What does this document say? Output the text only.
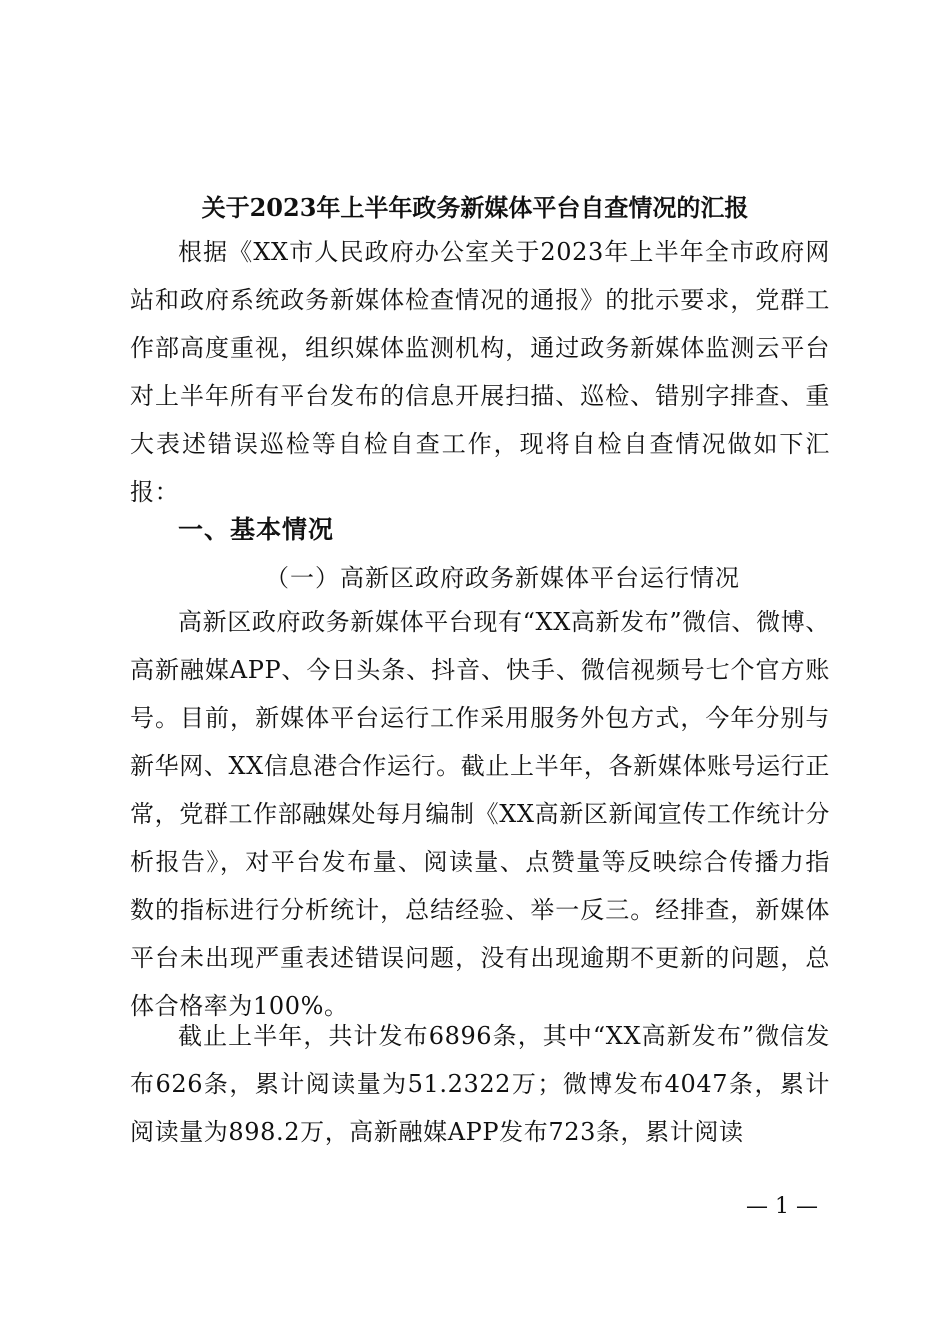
关于2023年上半年政务新媒体平台自查情况的汇报

根据《XX市人民政府办公室关于2023年上半年全市政府网站和政府系统政务新媒体检查情况的通报》的批示要求，党群工作部高度重视，组织媒体监测机构，通过政务新媒体监测云平台对上半年所有平台发布的信息开展扫描、巡检、错别字排查、重大表述错误巡检等自检自查工作，现将自检自查情况做如下汇报：

一、基本情况
（一）高新区政府政务新媒体平台运行情况

高新区政府政务新媒体平台现有“XX高新发布”微信、微博、高新融媒APP、今日头条、抖音、快手、微信视频号七个官方账号。目前，新媒体平台运行工作采用服务外包方式，今年分别与新华网、XX信息港合作运行。截止上半年，各新媒体账号运行正常，党群工作部融媒处每月编制《XX高新区新闻宣传工作统计分析报告》，对平台发布量、阅读量、点赞量等反映综合传播力指数的指标进行分析统计，总结经验、举一反三。经排查，新媒体平台未出现严重表述错误问题，没有出现逾期不更新的问题，总体合格率为100%。

截止上半年，共计发布6896条，其中“XX高新发布”微信发布626条，累计阅读量为51.2322万；微博发布4047条，累计阅读量为898.2万，高新融媒APP发布723条，累计阅读

— 1 —
